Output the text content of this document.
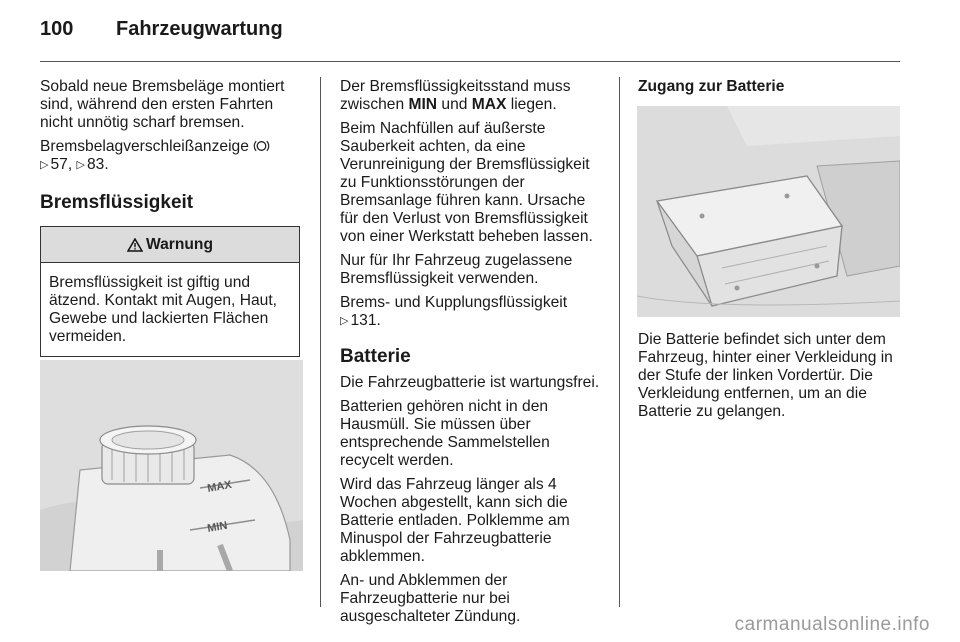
100 Fahrzeugwartung

Sobald neue Bremsbeläge montiert sind, während den ersten Fahrten nicht unnötig scharf bremsen.

Bremsbelagverschleißanzeige

▷ 57, ▷ 83.

Bremsflüssigkeit
Warnung

Bremsflüssigkeit ist giftig und ätzend. Kontakt mit Augen, Haut, Gewebe und lackierten Flächen vermeiden.

MAX
MIN

Der Bremsflüssigkeitsstand muss zwischen MIN und MAX liegen.

Beim Nachfüllen auf äußerste Sauberkeit achten, da eine Verunreinigung der Bremsflüssigkeit zu Funktionsstörungen der Bremsanlage führen kann. Ursache für den Verlust von Bremsflüssigkeit von einer Werkstatt beheben lassen.

Nur für Ihr Fahrzeug zugelassene Bremsflüssigkeit verwenden.

Brems- und Kupplungsflüssigkeit
▷ 131.

Batterie

Die Fahrzeugbatterie ist wartungsfrei.

Batterien gehören nicht in den Hausmüll. Sie müssen über entsprechende Sammelstellen recycelt werden.

Wird das Fahrzeug länger als 4 Wochen abgestellt, kann sich die Batterie entladen. Polklemme am Minuspol der Fahrzeugbatterie abklemmen.

An- und Abklemmen der Fahrzeugbatterie nur bei ausgeschalteter Zündung.

Zugang zur Batterie

Die Batterie befindet sich unter dem Fahrzeug, hinter einer Verkleidung in der Stufe der linken Vordertür. Die Verkleidung entfernen, um an die Batterie zu gelangen.

carmanualsonline.info
